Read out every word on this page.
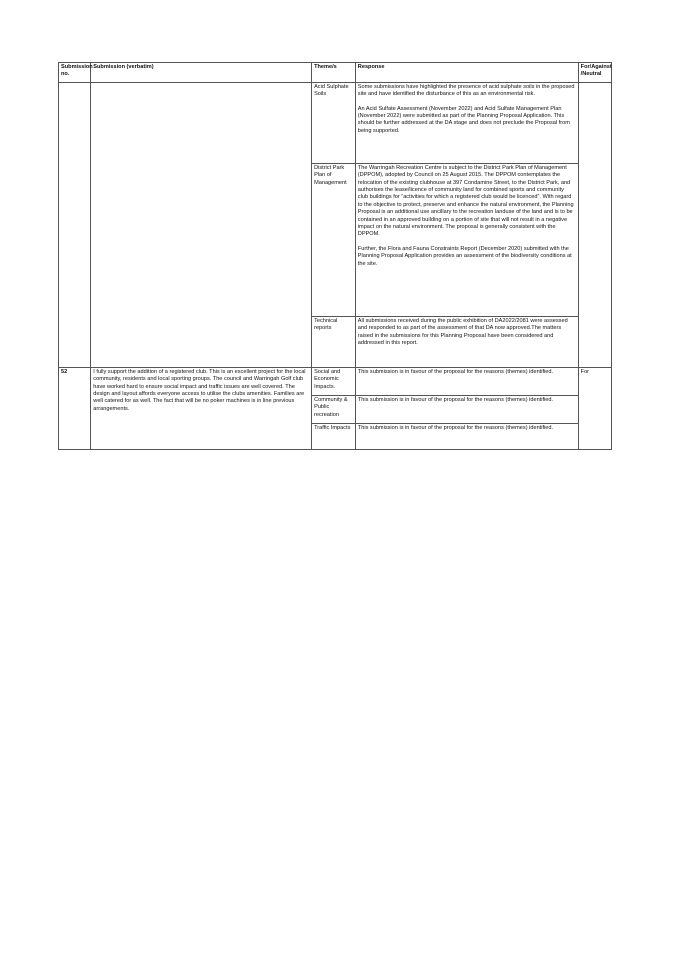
Submission no.	Submission (verbatim)	Theme/s	Response	For/Against /Neutral
		Acid Sulphate Soils	Some submissions have highlighted the presence of acid sulphate soils in the proposed site and have identified the disturbance of this as an environmental risk.

An Acid Sulfate Assessment (November 2022) and Acid Sulfate Management Plan (November 2022) were submitted as part of the Planning Proposal Application. This should be further addressed at the DA stage and does not preclude the Proposal from being supported.	

		District Park Plan of Management	The Warringah Recreation Centre is subject to the District Park Plan of Management (DPPOM), adopted by Council on 25 August 2015. The DPPOM contemplates the relocation of the existing clubhouse at 397 Condamine Street, to the District Park, and authorises the lease/licence of community land for combined sports and community club buildings for “activities for which a registered club would be licenced”. With regard to the objective to protect, preserve and enhance the natural environment, the Planning Proposal is an additional use ancillary to the recreation landuse of the land and is to be contained in an approved building on a portion of site that will not result in a negative impact on the natural environment. The proposal is generally consistent with the DPPOM.

Further, the Flora and Fauna Constraints Report (December 2020) submitted with the Planning Proposal Application provides an assessment of the biodiversity conditions at the site.	

		Technical reports	All submissions received during the public exhibition of DA2022/2081 were assessed and responded to as part of the assessment of that DA now approved.The matters raised in the submissions for this Planning Proposal have been considered and addressed in this report.	

52	I fully support the addition of a registered club. This is an excellent project for the local community, residents and local sporting groups. The council and Warringah Golf club have worked hard to ensure social impact and traffic issues are well covered. The design and layout affords everyone access to utilise the clubs amenities. Families are well catered for as well. The fact that will be no poker machines is in line previous arrangements.	Social and Economic Impacts.	This submission is in favour of the proposal for the reasons (themes) identified.	For
		Community & Public recreation	This submission is in favour of the proposal for the reasons (themes) identified.	
		Traffic Impacts	This submission is in favour of the proposal for the reasons (themes) identified.	
